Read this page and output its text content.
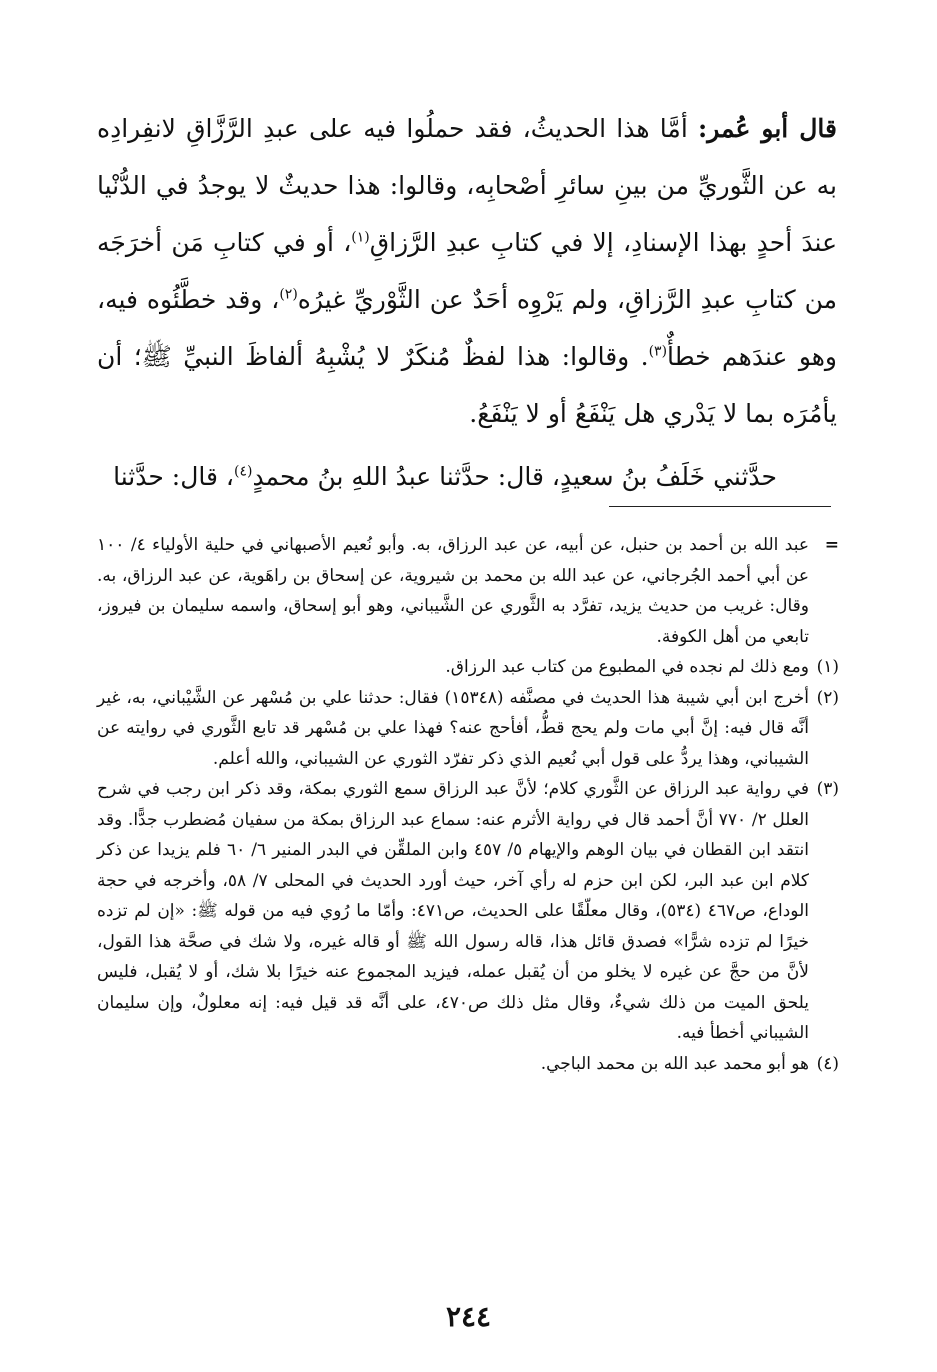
قال أبو عُمر: أمَّا هذا الحديثُ، فقد حملُوا فيه على عبدِ الرَّزَّاقِ لانفِرادِه به عن الثَّوريِّ من بينِ سائرِ أصْحابِه، وقالوا: هذا حديثٌ لا يوجدُ في الدُّنْيا عندَ أحدٍ بهذا الإسنادِ، إلا في كتابِ عبدِ الرَّزاقِ$^{(١)}$، أو في كتابِ مَن أخرَجَه من كتابِ عبدِ الرَّزاقِ، ولم يَرْوِه أحَدٌ عن الثَّوْريِّ غيرُه$^{(٢)}$، وقد خطَّئُوه فيه، وهو عندَهم خطأٌ$^{(٣)}$. وقالوا: هذا لفظٌ مُنكَرٌ لا يُشْبِهُ ألفاظَ النبيِّ ﷺ؛ أن يأمُرَه بما لا يَدْري هل يَنْفَعُ أو لا يَنْفَعُ.

حدَّثني خَلَفُ بنُ سعيدٍ، قال: حدَّثنا عبدُ اللهِ بنُ محمدٍ$^{(٤)}$، قال: حدَّثنا

=
عبد الله بن أحمد بن حنبل، عن أبيه، عن عبد الرزاق، به. وأبو نُعيم الأصبهاني في حلية الأولياء ٤/ ١٠٠ عن أبي أحمد الجُرجاني، عن عبد الله بن محمد بن شيروية، عن إسحاق بن راهَوية، عن عبد الرزاق، به. وقال: غريب من حديث يزيد، تفرَّد به الثَّوري عن الشَّيباني، وهو أبو إسحاق، واسمه سليمان بن فيروز، تابعي من أهل الكوفة.

(١)
ومع ذلك لم نجده في المطبوع من كتاب عبد الرزاق.

(٢)
أخرج ابن أبي شيبة هذا الحديث في مصنَّفه (١٥٣٤٨) فقال: حدثنا علي بن مُسْهر عن الشَّيْباني، به، غير أنَّه قال فيه: إنَّ أبي مات ولم يحج قطُّ، أفأحج عنه؟ فهذا علي بن مُسْهر قد تابع الثَّوري في روايته عن الشيباني، وهذا يردُّ على قول أبي نُعيم الذي ذكر تفرّد الثوري عن الشيباني، والله أعلم.

(٣)
في رواية عبد الرزاق عن الثَّوري كلام؛ لأنَّ عبد الرزاق سمع الثوري بمكة، وقد ذكر ابن رجب في شرح العلل ٢/ ٧٧٠ أنَّ أحمد قال في رواية الأثرم عنه: سماع عبد الرزاق بمكة من سفيان مُضطرب جدًّا. وقد انتقد ابن القطان في بيان الوهم والإيهام ٥/ ٤٥٧ وابن الملقِّن في البدر المنير ٦/ ٦٠ فلم يزيدا عن ذكر كلام ابن عبد البر، لكن ابن حزم له رأي آخر، حيث أورد الحديث في المحلى ٧/ ٥٨، وأخرجه في حجة الوداع، ص٤٦٧ (٥٣٤)، وقال معلّقًا على الحديث، ص٤٧١: وأمّا ما رُوي فيه من قوله ﷺ: «إن لم تزده خيرًا لم تزده شرًّا» فصدق قائل هذا، قاله رسول الله ﷺ أو قاله غيره، ولا شك في صحَّة هذا القول، لأنَّ من حجَّ عن غيره لا يخلو من أن يُقبل عمله، فيزيد المجموع عنه خيرًا بلا شك، أو لا يُقبل، فليس يلحق الميت من ذلك شيءٌ، وقال مثل ذلك ص٤٧٠، على أنَّه قد قيل فيه: إنه معلولٌ، وإن سليمان الشيباني أخطأ فيه.

(٤)
هو أبو محمد عبد الله بن محمد الباجي.

٢٤٤
